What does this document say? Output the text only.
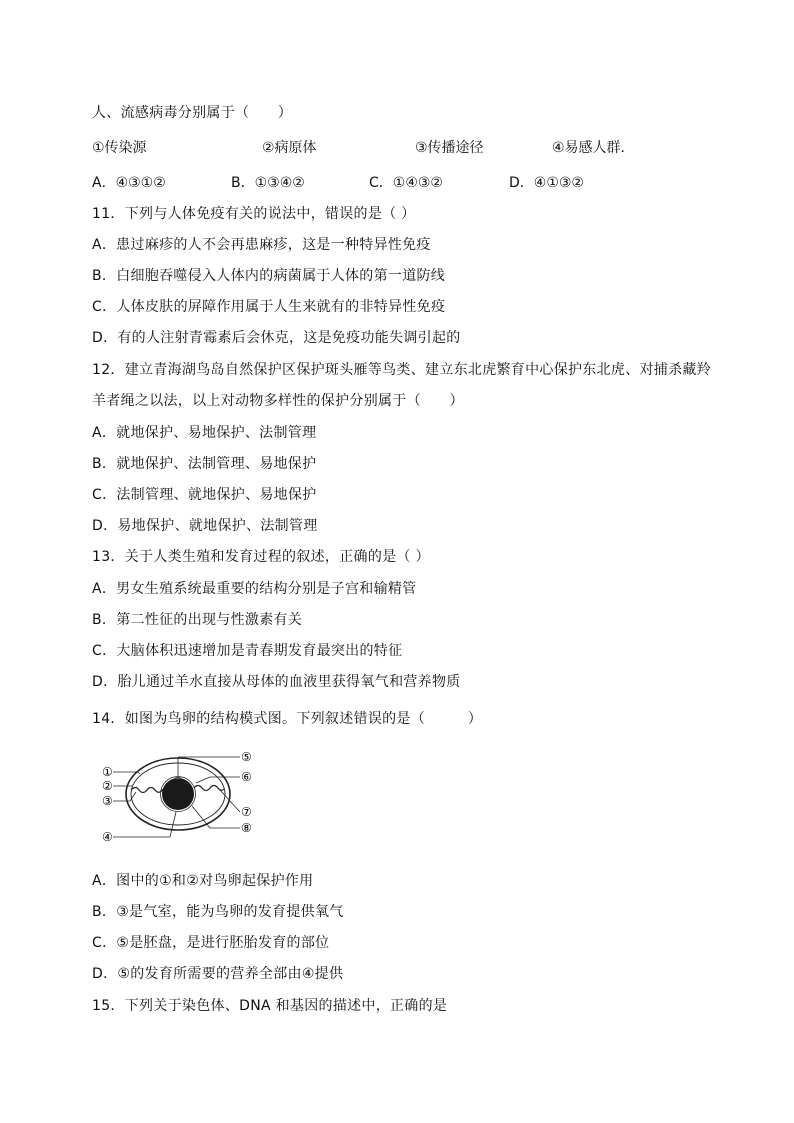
人、流感病毒分别属于（　　）
①传染源	②病原体	③传播途径	④易感人群．
A．④③①②	B．①③④②	C．①④③②	D．④①③②
11．下列与人体免疫有关的说法中，错误的是（ ）
A．患过麻疹的人不会再患麻疹，这是一种特异性免疫
B．白细胞吞噬侵入人体内的病菌属于人体的第一道防线
C．人体皮肤的屏障作用属于人生来就有的非特异性免疫
D．有的人注射青霉素后会休克，这是免疫功能失调引起的
12．建立青海湖鸟岛自然保护区保护斑头雁等鸟类、建立东北虎繁育中心保护东北虎、对捕杀藏羚
羊者绳之以法，以上对动物多样性的保护分别属于（　　）
A．就地保护、易地保护、法制管理
B．就地保护、法制管理、易地保护
C．法制管理、就地保护、易地保护
D．易地保护、就地保护、法制管理
13．关于人类生殖和发育过程的叙述，正确的是（ ）
A．男女生殖系统最重要的结构分别是子宫和输精管
B．第二性征的出现与性激素有关
C．大脑体积迅速增加是青春期发育最突出的特征
D．胎儿通过羊水直接从母体的血液里获得氧气和营养物质
14．如图为鸟卵的结构模式图。下列叙述错误的是（　　　）
①
②
③
④
⑤
⑥
⑦
⑧
A．图中的①和②对鸟卵起保护作用
B．③是气室，能为鸟卵的发育提供氧气
C．⑤是胚盘，是进行胚胎发育的部位
D．⑤的发育所需要的营养全部由④提供
15．下列关于染色体、DNA 和基因的描述中，正确的是
